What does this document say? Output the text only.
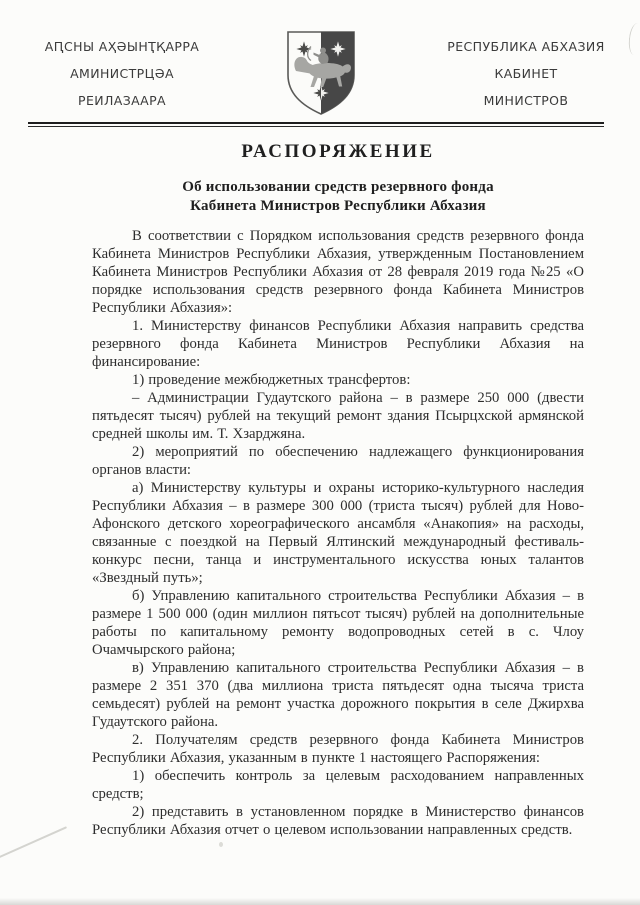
АԤСНЫ АҲӘЫНҬҚАРРА
АМИНИСТРЦӘА
РЕИЛАЗААРА
РЕСПУБЛИКА АБХАЗИЯ
КАБИНЕТ
МИНИСТРОВ
РАСПОРЯЖЕНИЕ
Об использовании средств резервного фонда
Кабинета Министров Республики Абхазия

В соответствии с Порядком использования средств резервного фонда Кабинета Министров Республики Абхазия, утвержденным Постановлением Кабинета Министров Республики Абхазия от 28 февраля 2019 года №25 «О порядке использования средств резервного фонда Кабинета Министров Республики Абхазия»:

1. Министерству финансов Республики Абхазия направить средства резервного фонда Кабинета Министров Республики Абхазия на финансирование:

1) проведение межбюджетных трансфертов:

– Администрации Гудаутского района – в размере 250 000 (двести пятьдесят тысяч) рублей на текущий ремонт здания Псырцхской армянской средней школы им. Т. Хзарджяна.

2) мероприятий по обеспечению надлежащего функционирования органов власти:

а) Министерству культуры и охраны историко-культурного наследия Республики Абхазия – в размере 300 000 (триста тысяч) рублей для Ново-Афонского детского хореографического ансамбля «Анакопия» на расходы, связанные с поездкой на Первый Ялтинский международный фестиваль-конкурс песни, танца и инструментального искусства юных талантов «Звездный путь»;

б) Управлению капитального строительства Республики Абхазия – в размере 1 500 000 (один миллион пятьсот тысяч) рублей на дополнительные работы по капитальному ремонту водопроводных сетей в с. Члоу Очамчырского района;

в) Управлению капитального строительства Республики Абхазия – в размере 2 351 370 (два миллиона триста пятьдесят одна тысяча триста семьдесят) рублей на ремонт участка дорожного покрытия в селе Джирхва Гудаутского района.

2. Получателям средств резервного фонда Кабинета Министров Республики Абхазия, указанным в пункте 1 настоящего Распоряжения:

1) обеспечить контроль за целевым расходованием направленных средств;

2) представить в установленном порядке в Министерство финансов Республики Абхазия отчет о целевом использовании направленных средств.
